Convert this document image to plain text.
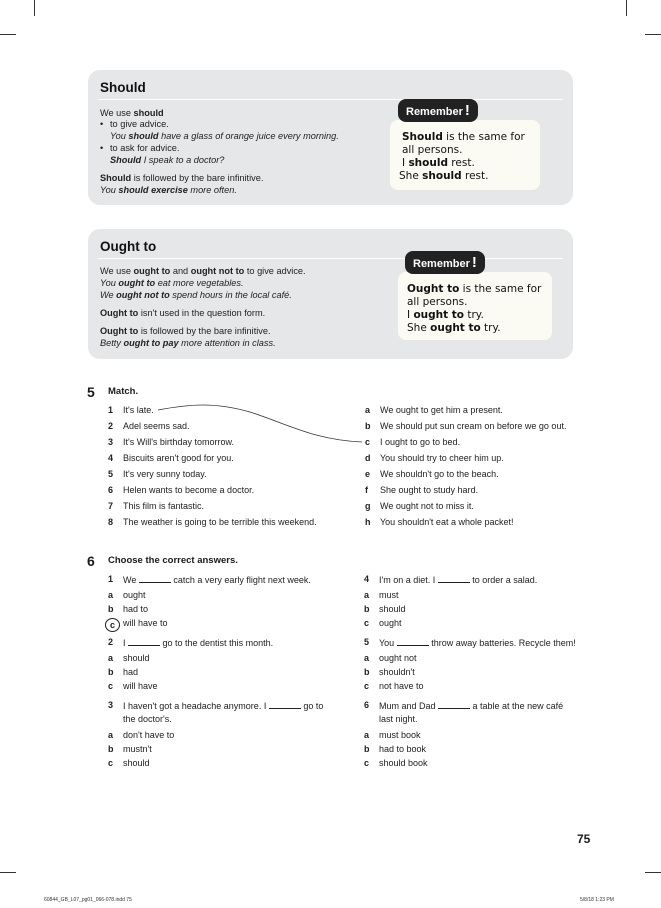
Should
We use should
• to give advice.
You should have a glass of orange juice every morning.
• to ask for advice.
Should I speak to a doctor?
Should is followed by the bare infinitive.
You should exercise more often.
Should is the same for
all persons.
I should rest.
She should rest.
Remember !
Ought to
We use ought to and ought not to to give advice.
You ought to eat more vegetables.
We ought not to spend hours in the local café.
Ought to isn't used in the question form.
Ought to is followed by the bare infinitive.
Betty ought to pay more attention in class.
Ought to is the same for
all persons.
I ought to try.
She ought to try.
Remember !
5 Match.
1 It's late.
2 Adel seems sad.
3 It's Will's birthday tomorrow.
4 Biscuits aren't good for you.
5 It's very sunny today.
6 Helen wants to become a doctor.
7 This film is fantastic.
8 The weather is going to be terrible this weekend.
a We ought to get him a present.
b We should put sun cream on before we go out.
c I ought to go to bed.
d You should try to cheer him up.
e We shouldn't go to the beach.
f She ought to study hard.
g We ought not to miss it.
h You shouldn't eat a whole packet!
6 Choose the correct answers.
1 We	catch a very early flight next week.
a ought
b had to
c will have to
2 I	go to the dentist this month.
a should
b had
c will have
3 I haven't got a headache anymore. I	go to
the doctor's.
a don't have to
b mustn't
c should
4 I'm on a diet. I	to order a salad.
a must
b should
c ought
5 You	throw away batteries. Recycle them!
a ought not
b shouldn't
c not have to
6 Mum and Dad	a table at the new café
last night.
a must book
b had to book
c should book
75
60844_GB_L07_pg01_066-078.indd 75	5/8/18 1:23 PM
